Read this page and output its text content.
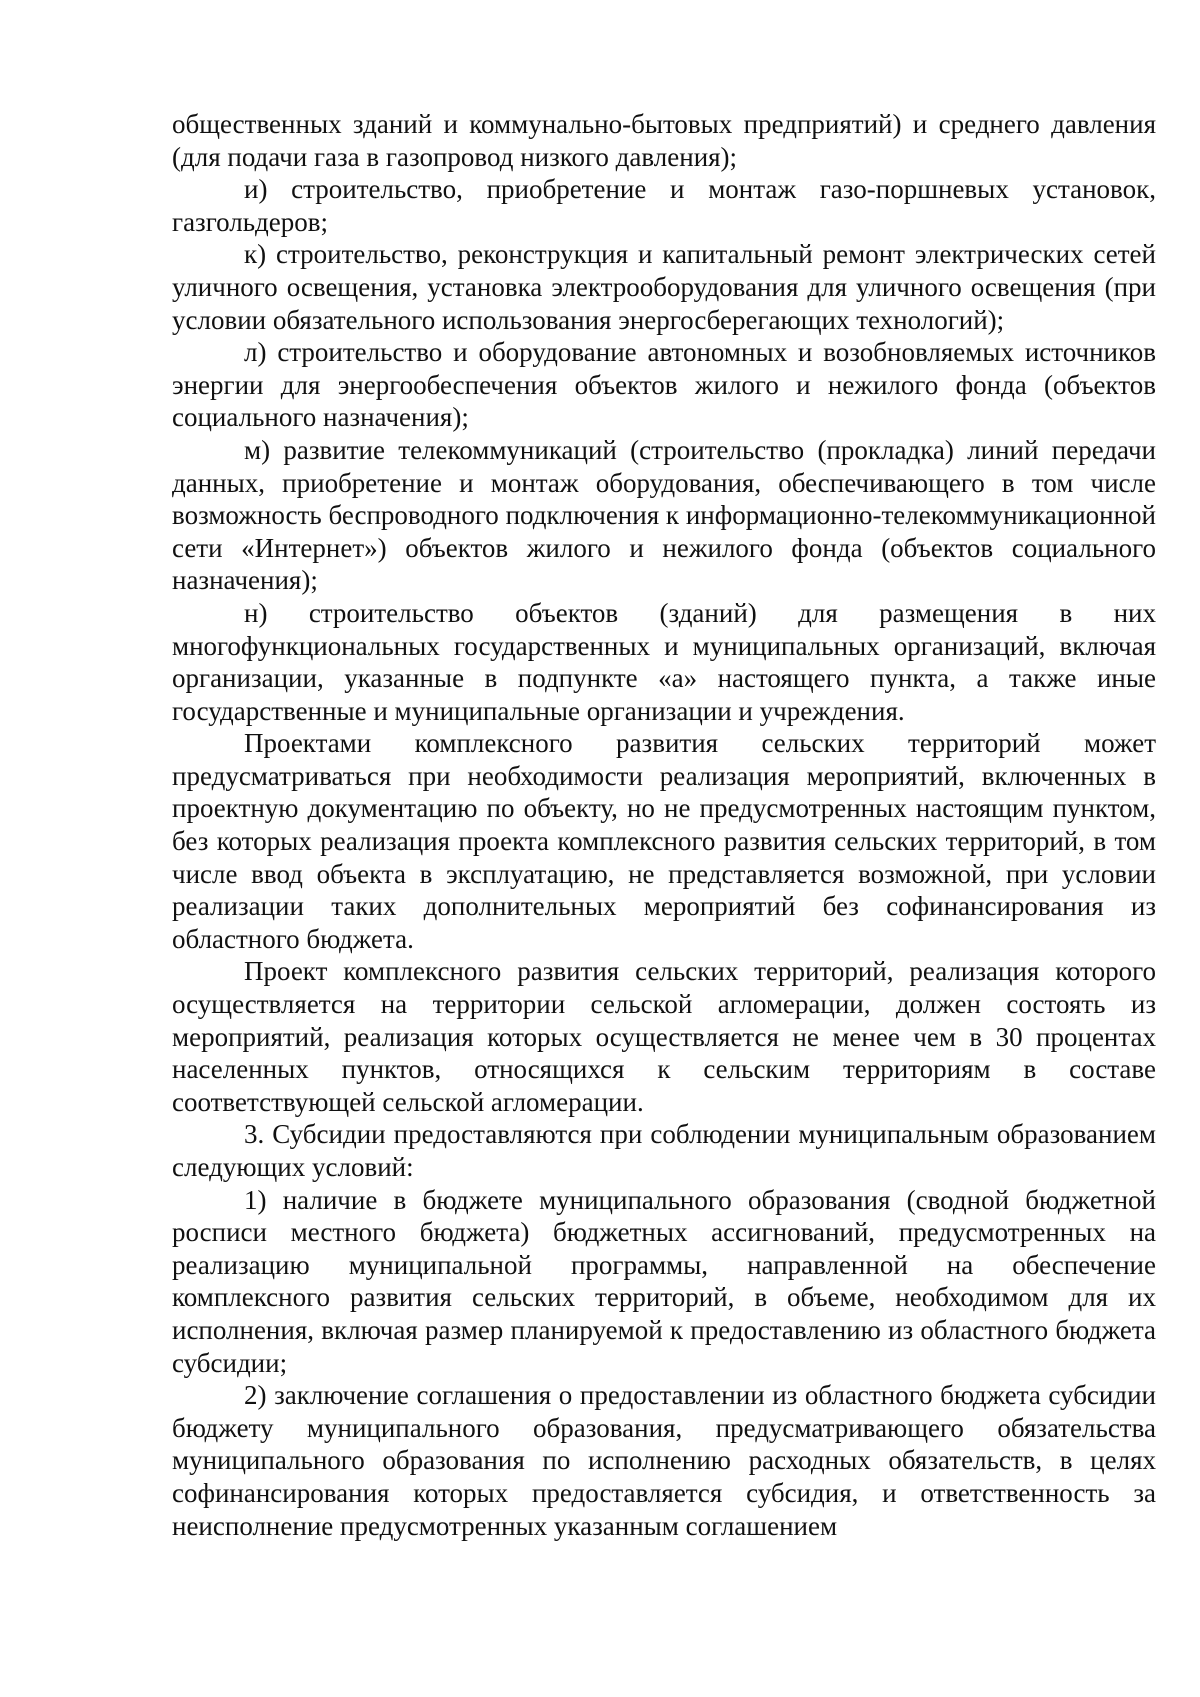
общественных зданий и коммунально-бытовых предприятий) и среднего давления (для подачи газа в газопровод низкого давления);

и) строительство, приобретение и монтаж газо-поршневых установок, газгольдеров;

к) строительство, реконструкция и капитальный ремонт электрических сетей уличного освещения, установка электрооборудования для уличного освещения (при условии обязательного использования энергосберегающих технологий);

л) строительство и оборудование автономных и возобновляемых источников энергии для энергообеспечения объектов жилого и нежилого фонда (объектов социального назначения);

м) развитие телекоммуникаций (строительство (прокладка) линий передачи данных, приобретение и монтаж оборудования, обеспечивающего в том числе возможность беспроводного подключения к информационно-телекоммуникационной сети «Интернет») объектов жилого и нежилого фонда (объектов социального назначения);

н) строительство объектов (зданий) для размещения в них многофункциональных государственных и муниципальных организаций, включая организации, указанные в подпункте «а» настоящего пункта, а также иные государственные и муниципальные организации и учреждения.

Проектами комплексного развития сельских территорий может предусматриваться при необходимости реализация мероприятий, включенных в проектную документацию по объекту, но не предусмотренных настоящим пунктом, без которых реализация проекта комплексного развития сельских территорий, в том числе ввод объекта в эксплуатацию, не представляется возможной, при условии реализации таких дополнительных мероприятий без софинансирования из областного бюджета.

Проект комплексного развития сельских территорий, реализация которого осуществляется на территории сельской агломерации, должен состоять из мероприятий, реализация которых осуществляется не менее чем в 30 процентах населенных пунктов, относящихся к сельским территориям в составе соответствующей сельской агломерации.

3. Субсидии предоставляются при соблюдении муниципальным образованием следующих условий:

1) наличие в бюджете муниципального образования (сводной бюджетной росписи местного бюджета) бюджетных ассигнований, предусмотренных на реализацию муниципальной программы, направленной на обеспечение комплексного развития сельских территорий, в объеме, необходимом для их исполнения, включая размер планируемой к предоставлению из областного бюджета субсидии;

2) заключение соглашения о предоставлении из областного бюджета субсидии бюджету муниципального образования, предусматривающего обязательства муниципального образования по исполнению расходных обязательств, в целях софинансирования которых предоставляется субсидия, и ответственность за неисполнение предусмотренных указанным соглашением
